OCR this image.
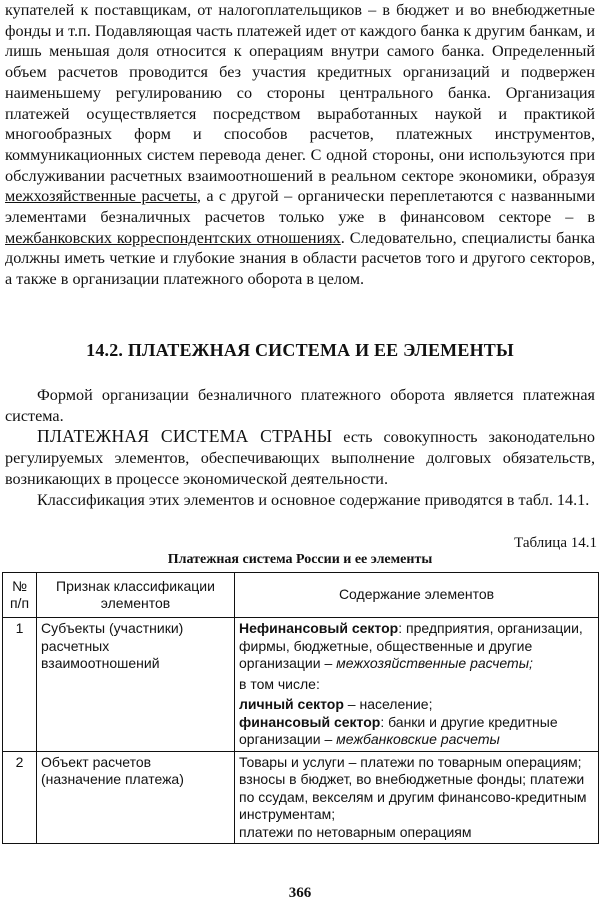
купателей к поставщикам, от налогоплательщиков – в бюджет и во внебюджетные фонды и т.п. Подавляющая часть платежей идет от каждого банка к другим банкам, и лишь меньшая доля относится к операциям внутри самого банка. Определенный объем расчетов проводится без участия кредитных организаций и подвержен наименьшему регулированию со стороны центрального банка. Организация платежей осуществляется посредством выработанных наукой и практикой многообразных форм и способов расчетов, платежных инструментов, коммуникационных систем перевода денег. С одной стороны, они используются при обслуживании расчетных взаимоотношений в реальном секторе экономики, образуя межхозяйственные расчеты, а с другой – органически переплетаются с названными элементами безналичных расчетов только уже в финансовом секторе – в межбанковских корреспондентских отношениях. Следовательно, специалисты банка должны иметь четкие и глубокие знания в области расчетов того и другого секторов, а также в организации платежного оборота в целом.

14.2. ПЛАТЕЖНАЯ СИСТЕМА И ЕЕ ЭЛЕМЕНТЫ

Формой организации безналичного платежного оборота является платежная система.

ПЛАТЕЖНАЯ СИСТЕМА СТРАНЫ есть совокупность законодательно регулируемых элементов, обеспечивающих выполнение долговых обязательств, возникающих в процессе экономической деятельности.

Классификация этих элементов и основное содержание приводятся в табл. 14.1.

Таблица 14.1
Платежная система России и ее элементы
№ п/п	Признак классификации элементов	Содержание элементов
1	Субъекты (участники) расчетных взаимоотношений	Нефинансовый сектор: предприятия, организации, фирмы, бюджетные, общественные и другие организации – межхозяйственные расчеты;
в том числе:
личный сектор – население;
финансовый сектор: банки и другие кредитные организации – межбанковские расчеты

2	Объект расчетов (назначение платежа)	Товары и услуги – платежи по товарным операциям; взносы в бюджет, во внебюджетные фонды; платежи по ссудам, векселям и другим финансово-кредитным инструментам;
платежи по нетоварным операциям
366
